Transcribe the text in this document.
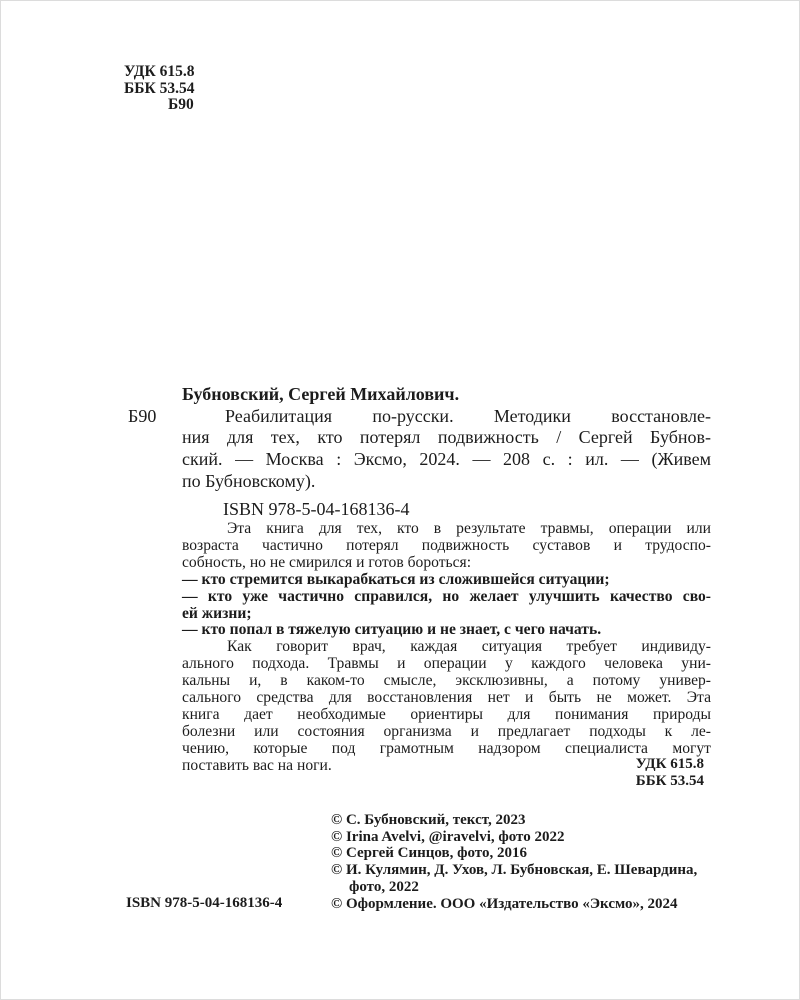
УДК 615.8
ББК 53.54
Б90
Бубновский, Сергей Михайлович.
Б90	Реабилитация по-русски. Методики восстановле-
ния для тех, кто потерял подвижность / Сергей Бубнов-
ский. — Москва : Эксмо, 2024. — 208 с. : ил. — (Живем
по Бубновскому).
ISBN 978-5-04-168136-4
Эта книга для тех, кто в результате травмы, операции или
возраста частично потерял подвижность суставов и трудоспо-
собность, но не смирился и готов бороться:
— кто стремится выкарабкаться из сложившейся ситуации;
— кто уже частично справился, но желает улучшить качество сво-
ей жизни;
— кто попал в тяжелую ситуацию и не знает, с чего начать.
Как говорит врач, каждая ситуация требует индивиду-
ального подхода. Травмы и операции у каждого человека уни-
кальны и, в каком-то смысле, эксклюзивны, а потому универ-
сального средства для восстановления нет и быть не может. Эта
книга дает необходимые ориентиры для понимания природы
болезни или состояния организма и предлагает подходы к ле-
чению, которые под грамотным надзором специалиста могут
поставить вас на ноги.	УДК 615.8
ББК 53.54
© С. Бубновский, текст, 2023
© Irina Avelvi, @iravelvi, фото 2022
© Сергей Синцов, фото, 2016
© И. Кулямин, Д. Ухов, Л. Бубновская, Е. Шевардина,
фото, 2022
© Оформление. ООО «Издательство «Эксмо», 2024
ISBN 978-5-04-168136-4
